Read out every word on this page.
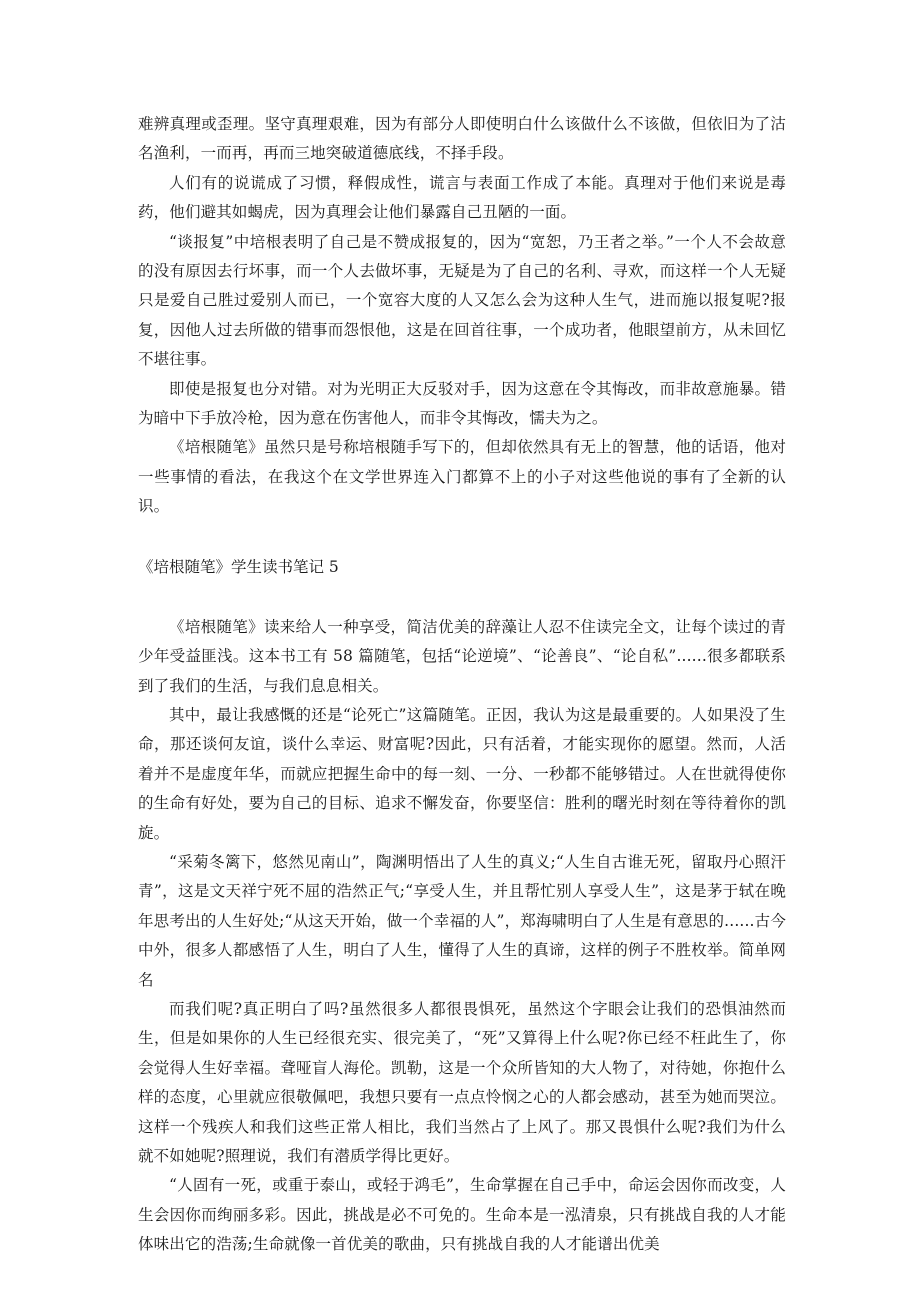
难辨真理或歪理。坚守真理艰难，因为有部分人即使明白什么该做什么不该做，但依旧为了沽名渔利，一而再，再而三地突破道德底线，不择手段。

人们有的说谎成了习惯，释假成性，谎言与表面工作成了本能。真理对于他们来说是毒药，他们避其如蝎虎，因为真理会让他们暴露自己丑陋的一面。

“谈报复”中培根表明了自己是不赞成报复的，因为“宽恕，乃王者之举。”一个人不会故意的没有原因去行坏事，而一个人去做坏事，无疑是为了自己的名利、寻欢，而这样一个人无疑只是爱自己胜过爱别人而已，一个宽容大度的人又怎么会为这种人生气，进而施以报复呢?报复，因他人过去所做的错事而怨恨他，这是在回首往事，一个成功者，他眼望前方，从未回忆不堪往事。

即使是报复也分对错。对为光明正大反驳对手，因为这意在令其悔改，而非故意施暴。错为暗中下手放冷枪，因为意在伤害他人，而非令其悔改，懦夫为之。

《培根随笔》虽然只是号称培根随手写下的，但却依然具有无上的智慧，他的话语，他对一些事情的看法，在我这个在文学世界连入门都算不上的小子对这些他说的事有了全新的认识。

《培根随笔》学生读书笔记 5

《培根随笔》读来给人一种享受，简洁优美的辞藻让人忍不住读完全文，让每个读过的青少年受益匪浅。这本书工有 58 篇随笔，包括“论逆境”、“论善良”、“论自私”......很多都联系到了我们的生活，与我们息息相关。

其中，最让我感慨的还是“论死亡”这篇随笔。正因，我认为这是最重要的。人如果没了生命，那还谈何友谊，谈什么幸运、财富呢?因此，只有活着，才能实现你的愿望。然而，人活着并不是虚度年华，而就应把握生命中的每一刻、一分、一秒都不能够错过。人在世就得使你的生命有好处，要为自己的目标、追求不懈发奋，你要坚信：胜利的曙光时刻在等待着你的凯旋。

“采菊冬篱下，悠然见南山”，陶渊明悟出了人生的真义;“人生自古谁无死，留取丹心照汗青”，这是文天祥宁死不屈的浩然正气;“享受人生，并且帮忙别人享受人生”，这是茅于轼在晚年思考出的人生好处;“从这天开始，做一个幸福的人”，郑海啸明白了人生是有意思的......古今中外，很多人都感悟了人生，明白了人生，懂得了人生的真谛，这样的例子不胜枚举。简单网名

而我们呢?真正明白了吗?虽然很多人都很畏惧死，虽然这个字眼会让我们的恐惧油然而生，但是如果你的人生已经很充实、很完美了，“死”又算得上什么呢?你已经不枉此生了，你会觉得人生好幸福。聋哑盲人海伦。凯勒，这是一个众所皆知的大人物了，对待她，你抱什么样的态度，心里就应很敬佩吧，我想只要有一点点怜悯之心的人都会感动，甚至为她而哭泣。这样一个残疾人和我们这些正常人相比，我们当然占了上风了。那又畏惧什么呢?我们为什么就不如她呢?照理说，我们有潜质学得比更好。

“人固有一死，或重于泰山，或轻于鸿毛”，生命掌握在自己手中，命运会因你而改变，人生会因你而绚丽多彩。因此，挑战是必不可免的。生命本是一泓清泉，只有挑战自我的人才能体味出它的浩荡;生命就像一首优美的歌曲，只有挑战自我的人才能谱出优美
